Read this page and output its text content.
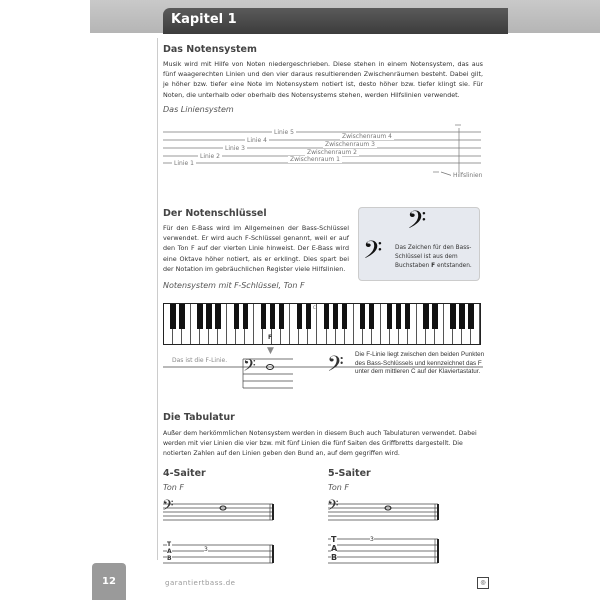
Kapitel 1
Das Notensystem
Musik wird mit Hilfe von Noten niedergeschrieben. Diese stehen in einem Notensystem, das aus fünf waagerechten Linien und den vier daraus resultierenden Zwischenräumen besteht. Dabei gilt, je höher bzw. tiefer eine Note im Notensystem notiert ist, desto höher bzw. tiefer klingt sie. Für Noten, die unterhalb oder oberhalb des Notensystems stehen, werden Hilfslinien verwendet.
Das Liniensystem
Linie 5
Linie 4
Linie 3
Linie 2
Linie 1
Zwischenraum 4
Zwischenraum 3
Zwischenraum 2
Zwischenraum 1
Hilfslinien
Der Notenschlüssel
Für den E-Bass wird im Allgemeinen der Bass-Schlüssel verwendet. Er wird auch F-Schlüssel genannt, weil er auf den Ton F auf der vierten Linie hinweist. Der E-Bass wird eine Oktave höher notiert, als er erklingt. Dies spart bei der Notation im gebräuchlichen Register viele Hilfslinien.
𝄢
𝄢 Das Zeichen für den Bass-Schlüssel ist aus dem Buchstaben F entstanden.
Notensystem mit F-Schlüssel, Ton F
F
C
▼
Das ist die F-Linie. 𝄢	𝄢 Die F-Linie liegt zwischen den beiden Punkten des Bass-Schlüssels und kennzeichnet das F unter dem mittleren C auf der Klaviertastatur.
Die Tabulatur
Außer dem herkömmlichen Notensystem werden in diesem Buch auch Tabulaturen verwendet. Dabei werden mit vier Linien die vier bzw. mit fünf Linien die fünf Saiten des Griffbretts dargestellt. Die notierten Zahlen auf den Linien geben den Bund an, auf dem gegriffen wird.
4-Saiter
Ton F
5-Saiter
Ton F
𝄢	𝄢
3
3
T
A
B
T
A
B
12	garantiertbass.de	◎
